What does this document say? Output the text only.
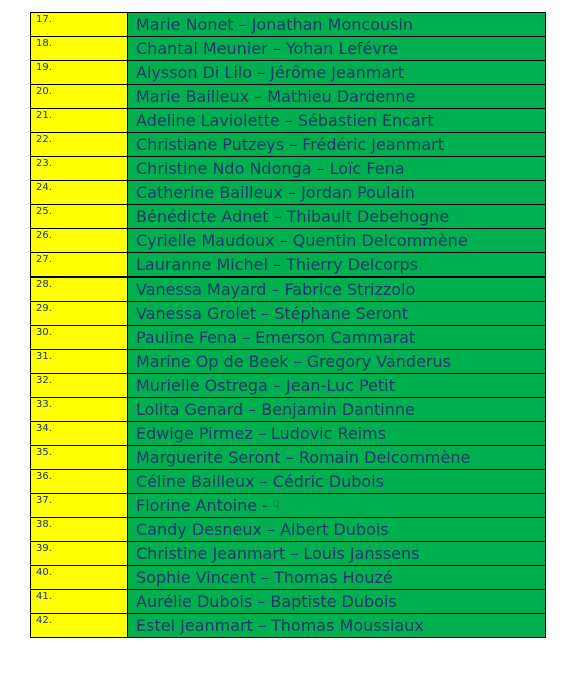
17.	Marie Nonet – Jonathan Moncousin
18.	Chantal Meunier – Yohan Lefévre
19.	Alysson Di Lilo – Jérôme Jeanmart
20.	Marie Bailleux – Mathieu Dardenne
21.	Adeline Laviolette – Sébastien Encart
22.	Christiane Putzeys – Frédéric Jeanmart
23.	Christine Ndo Ndonga – Loïc Fena
24.	Catherine Bailleux – Jordan Poulain
25.	Bénédicte Adnet – Thibault Debehogne
26.	Cyrielle Maudoux – Quentin Delcommène
27.	Lauranne Michel – Thierry Delcorps
28.	Vanessa Mayard – Fabrice Strizzolo
29.	Vanessa Grolet – Stéphane Seront
30.	Pauline Fena – Emerson Cammarat
31.	Marine Op de Beek – Gregory Vanderus
32.	Murielle Ostrega – Jean-Luc Petit
33.	Lolita Genard – Benjamin Dantinne
34.	Edwige Pirmez – Ludovic Reims
35.	Marguerite Seront – Romain Delcommène
36.	Céline Bailleux – Cédric Dubois
37.	Florine Antoine - ☟
38.	Candy Desneux – Albert Dubois
39.	Christine Jeanmart – Louis Janssens
40.	Sophie Vincent – Thomas Houzé
41.	Aurélie Dubois – Baptiste Dubois
42.	Estel Jeanmart – Thomas Moussiaux
